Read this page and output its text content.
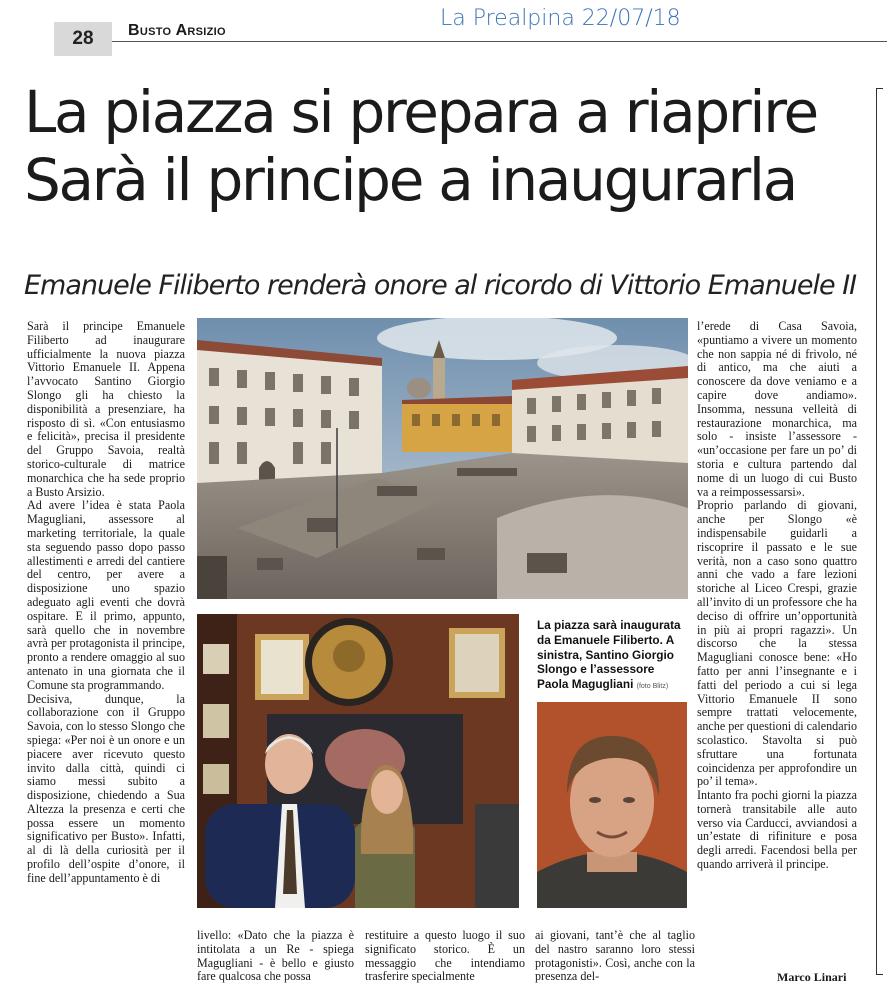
28	Busto Arsizio	La Prealpina 22/07/18
La piazza si prepara a riaprire
Sarà il principe a inaugurarla
Emanuele Filiberto renderà onore al ricordo di Vittorio Emanuele II

Sarà il principe Emanuele Filiberto ad inaugurare ufficialmente la nuova piazza Vittorio Emanuele II. Appena l’avvocato Santino Giorgio Slongo gli ha chiesto la disponibilità a presenziare, ha risposto di sì. «Con entusiasmo e felicità», precisa il presidente del Gruppo Savoia, realtà storico-culturale di matrice monarchica che ha sede proprio a Busto Arsizio.

Ad avere l’idea è stata Paola Magugliani, assessore al marketing territoriale, la quale sta seguendo passo dopo passo allestimenti e arredi del cantiere del centro, per avere a disposizione uno spazio adeguato agli eventi che dovrà ospitare. E il primo, appunto, sarà quello che in novembre avrà per protagonista il principe, pronto a rendere omaggio al suo antenato in una giornata che il Comune sta programmando.

Decisiva, dunque, la collaborazione con il Gruppo Savoia, con lo stesso Slongo che spiega: «Per noi è un onore e un piacere aver ricevuto questo invito dalla città, quindi ci siamo messi subito a disposizione, chiedendo a Sua Altezza la presenza e certi che possa essere un momento significativo per Busto». Infatti, al di là della curiosità per il profilo dell’ospite d’onore, il fine dell’appuntamento è di

La piazza sarà inaugurata da Emanuele Filiberto. A sinistra, Santino Giorgio Slongo e l’assessore Paola Magugliani (foto Blitz)
livello: «Dato che la piazza è intitolata a un Re - spiega Magugliani - è bello e giusto fare qualcosa che possa
restituire a questo luogo il suo significato storico. È un messaggio che intendiamo trasferire specialmente
ai giovani, tant’è che al taglio del nastro saranno loro stessi protagonisti». Così, anche con la presenza del-

l’erede di Casa Savoia, «puntiamo a vivere un momento che non sappia né di frivolo, né di antico, ma che aiuti a conoscere da dove veniamo e a capire dove andiamo». Insomma, nessuna velleità di restaurazione monarchica, ma solo - insiste l’assessore - «un’occasione per fare un po’ di storia e cultura partendo dal nome di un luogo di cui Busto va a reimpossessarsi».

Proprio parlando di giovani, anche per Slongo «è indispensabile guidarli a riscoprire il passato e le sue verità, non a caso sono quattro anni che vado a fare lezioni storiche al Liceo Crespi, grazie all’invito di un professore che ha deciso di offrire un’opportunità in più ai propri ragazzi». Un discorso che la stessa Magugliani conosce bene: «Ho fatto per anni l’insegnante e i fatti del periodo a cui si lega Vittorio Emanuele II sono sempre trattati velocemente, anche per questioni di calendario scolastico. Stavolta si può sfruttare una fortunata coincidenza per approfondire un po’ il tema».

Intanto fra pochi giorni la piazza tornerà transitabile alle auto verso via Carducci, avviandosi a un’estate di rifiniture e posa degli arredi. Facendosi bella per quando arriverà il principe.

Marco Linari
